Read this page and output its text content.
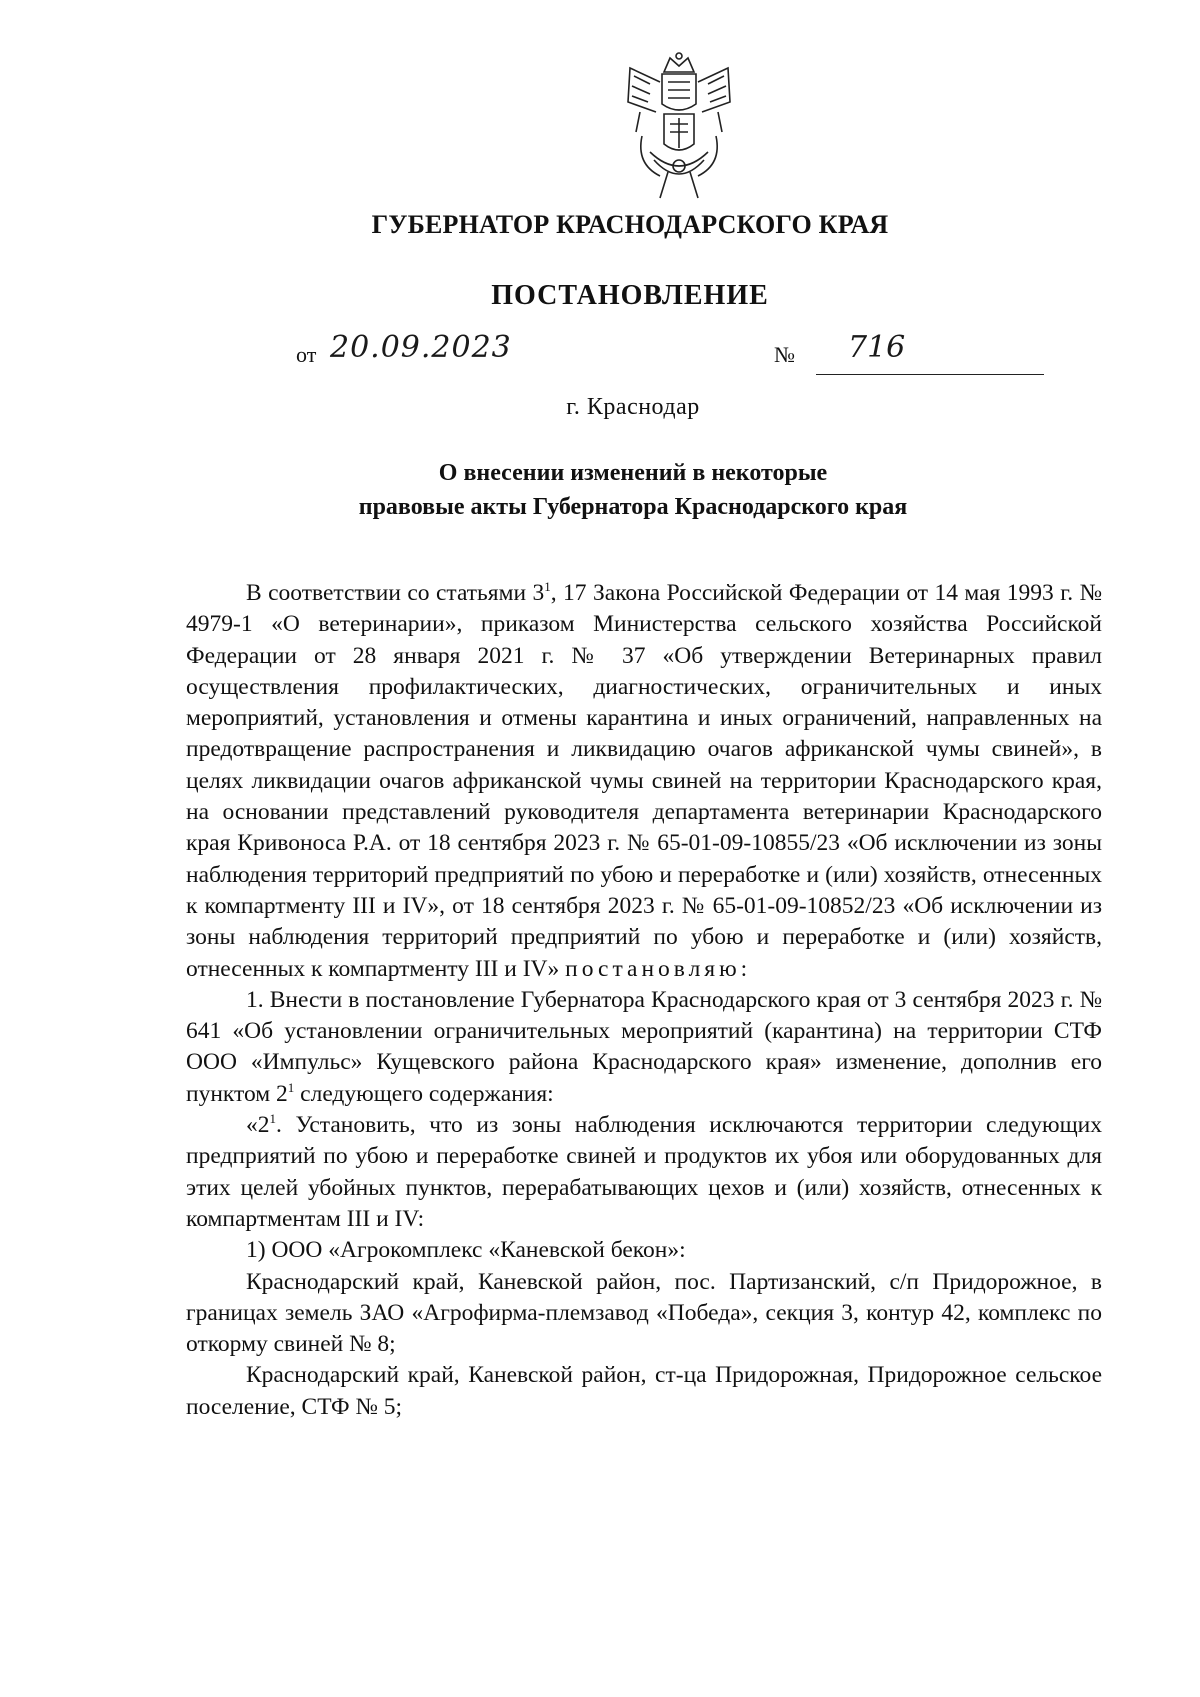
ГУБЕРНАТОР КРАСНОДАРСКОГО КРАЯ
ПОСТАНОВЛЕНИЕ
от 20.09.2023	№ 716
г. Краснодар
О внесении изменений в некоторые
правовые акты Губернатора Краснодарского края

В соответствии со статьями $3^1$, 17 Закона Российской Федерации от 14 мая 1993 г. № 4979-1 «О ветеринарии», приказом Министерства сельского хозяйства Российской Федерации от 28 января 2021 г. № 37 «Об утверждении Ветеринарных правил осуществления профилактических, диагностических, ограничительных и иных мероприятий, установления и отмены карантина и иных ограничений, направленных на предотвращение распространения и ликвидацию очагов африканской чумы свиней», в целях ликвидации очагов африканской чумы свиней на территории Краснодарского края, на основании представлений руководителя департамента ветеринарии Краснодарского края Кривоноса Р.А. от 18 сентября 2023 г. № 65-01-09-10855/23 «Об исключении из зоны наблюдения территорий предприятий по убою и переработке и (или) хозяйств, отнесенных к компартменту III и IV», от 18 сентября 2023 г. № 65-01-09-10852/23 «Об исключении из зоны наблюдения территорий предприятий по убою и переработке и (или) хозяйств, отнесенных к компартменту III и IV» постановляю:

1. Внести в постановление Губернатора Краснодарского края от 3 сентября 2023 г. № 641 «Об установлении ограничительных мероприятий (карантина) на территории СТФ ООО «Импульс» Кущевского района Краснодарского края» изменение, дополнив его пунктом $2^1$ следующего содержания:

«$2^1$. Установить, что из зоны наблюдения исключаются территории следующих предприятий по убою и переработке свиней и продуктов их убоя или оборудованных для этих целей убойных пунктов, перерабатывающих цехов и (или) хозяйств, отнесенных к компартментам III и IV:

1) ООО «Агрокомплекс «Каневской бекон»:

Краснодарский край, Каневской район, пос. Партизанский, с/п Придорожное, в границах земель ЗАО «Агрофирма-племзавод «Победа», секция 3, контур 42, комплекс по откорму свиней № 8;

Краснодарский край, Каневской район, ст-ца Придорожная, Придорожное сельское поселение, СТФ № 5;
